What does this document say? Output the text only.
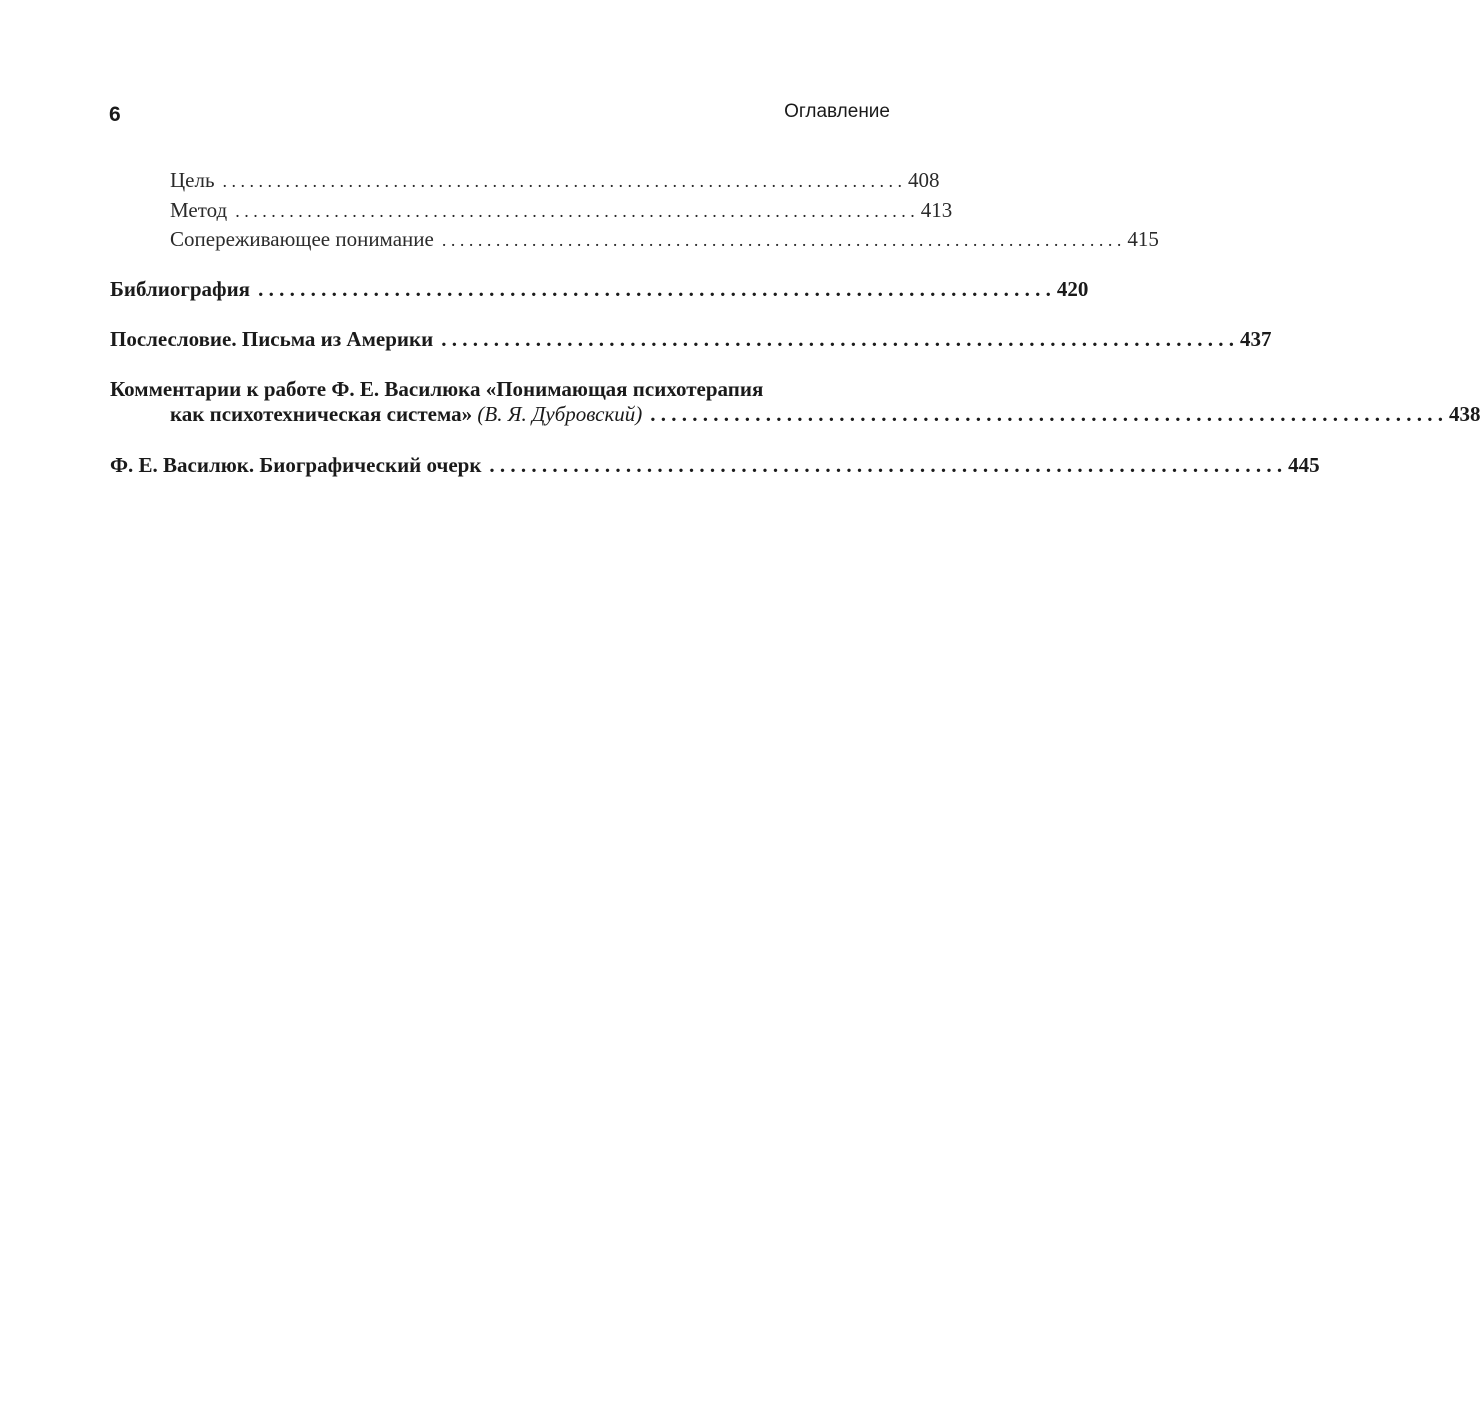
6	Оглавление
Цель . . . . . . . . . . . . . . . . . . . . . . . . . . . . . . . . . . . . . . . . . . . . . . . . . . . . . . . . . . . . . . . . . . . . . . . . . . . . 408
Метод . . . . . . . . . . . . . . . . . . . . . . . . . . . . . . . . . . . . . . . . . . . . . . . . . . . . . . . . . . . . . . . . . . . . . . . . . . . . 413
Сопереживающее понимание . . . . . . . . . . . . . . . . . . . . . . . . . . . . . . . . . . . . . . . . . . . . . . . . . . . . . . . . . . . . . . . . . . . . . . . . . . . . 415
Библиография . . . . . . . . . . . . . . . . . . . . . . . . . . . . . . . . . . . . . . . . . . . . . . . . . . . . . . . . . . . . . . . . . . . . . . . . . . . . 420
Послесловие. Письма из Америки . . . . . . . . . . . . . . . . . . . . . . . . . . . . . . . . . . . . . . . . . . . . . . . . . . . . . . . . . . . . . . . . . . . . . . . . . . . . 437
Комментарии к работе Ф. Е. Василюка «Понимающая психотерапия
как психотехническая система» (В. Я. Дубровский) . . . . . . . . . . . . . . . . . . . . . . . . . . . . . . . . . . . . . . . . . . . . . . . . . . . . . . . . . . . . . . . . . . . . . . . . . . . . 438
Ф. Е. Василюк. Биографический очерк . . . . . . . . . . . . . . . . . . . . . . . . . . . . . . . . . . . . . . . . . . . . . . . . . . . . . . . . . . . . . . . . . . . . . . . . . . . . 445
